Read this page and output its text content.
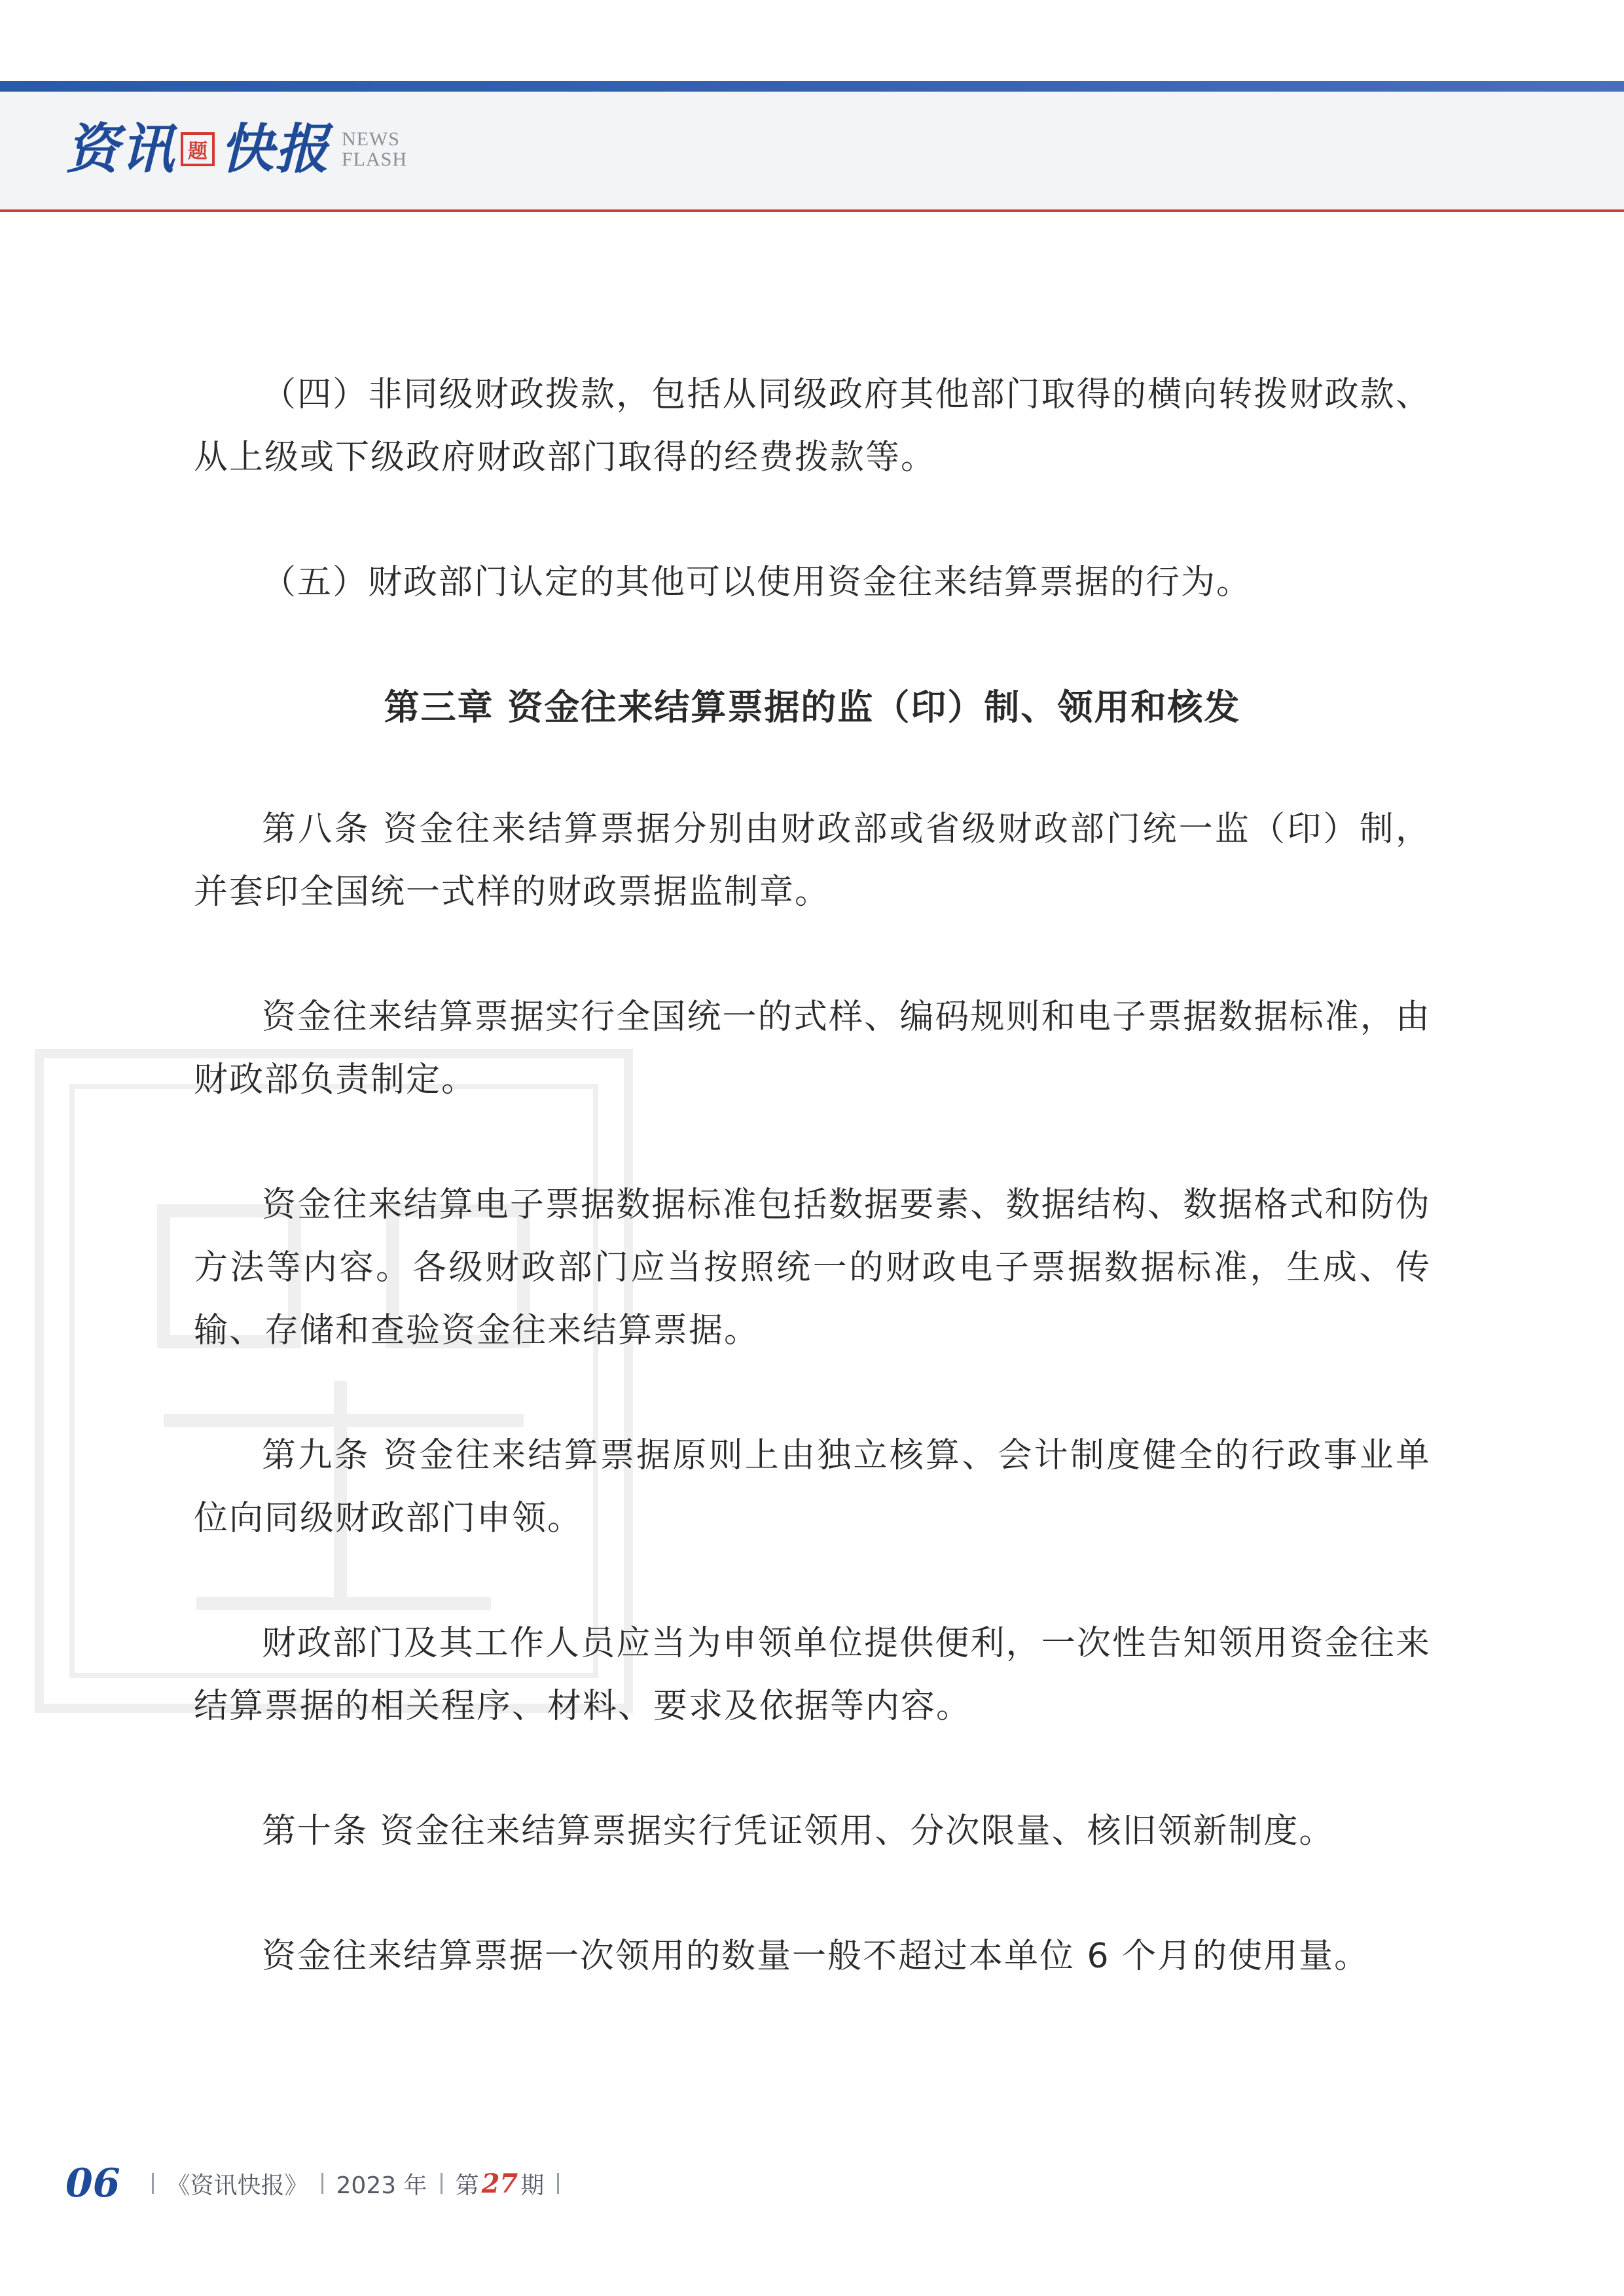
资讯 题 快报 NEWS
FLASH

（四）非同级财政拨款，包括从同级政府其他部门取得的横向转拨财政款、从上级或下级政府财政部门取得的经费拨款等。

（五）财政部门认定的其他可以使用资金往来结算票据的行为。

第三章 资金往来结算票据的监（印）制、领用和核发

第八条 资金往来结算票据分别由财政部或省级财政部门统一监（印）制，并套印全国统一式样的财政票据监制章。

资金往来结算票据实行全国统一的式样、编码规则和电子票据数据标准，由财政部负责制定。

资金往来结算电子票据数据标准包括数据要素、数据结构、数据格式和防伪方法等内容。各级财政部门应当按照统一的财政电子票据数据标准，生成、传输、存储和查验资金往来结算票据。

第九条 资金往来结算票据原则上由独立核算、会计制度健全的行政事业单位向同级财政部门申领。

财政部门及其工作人员应当为申领单位提供便利，一次性告知领用资金往来结算票据的相关程序、材料、要求及依据等内容。

第十条 资金往来结算票据实行凭证领用、分次限量、核旧领新制度。

资金往来结算票据一次领用的数量一般不超过本单位 6 个月的使用量。

06 《资讯快报》 2023 年 第 27 期
